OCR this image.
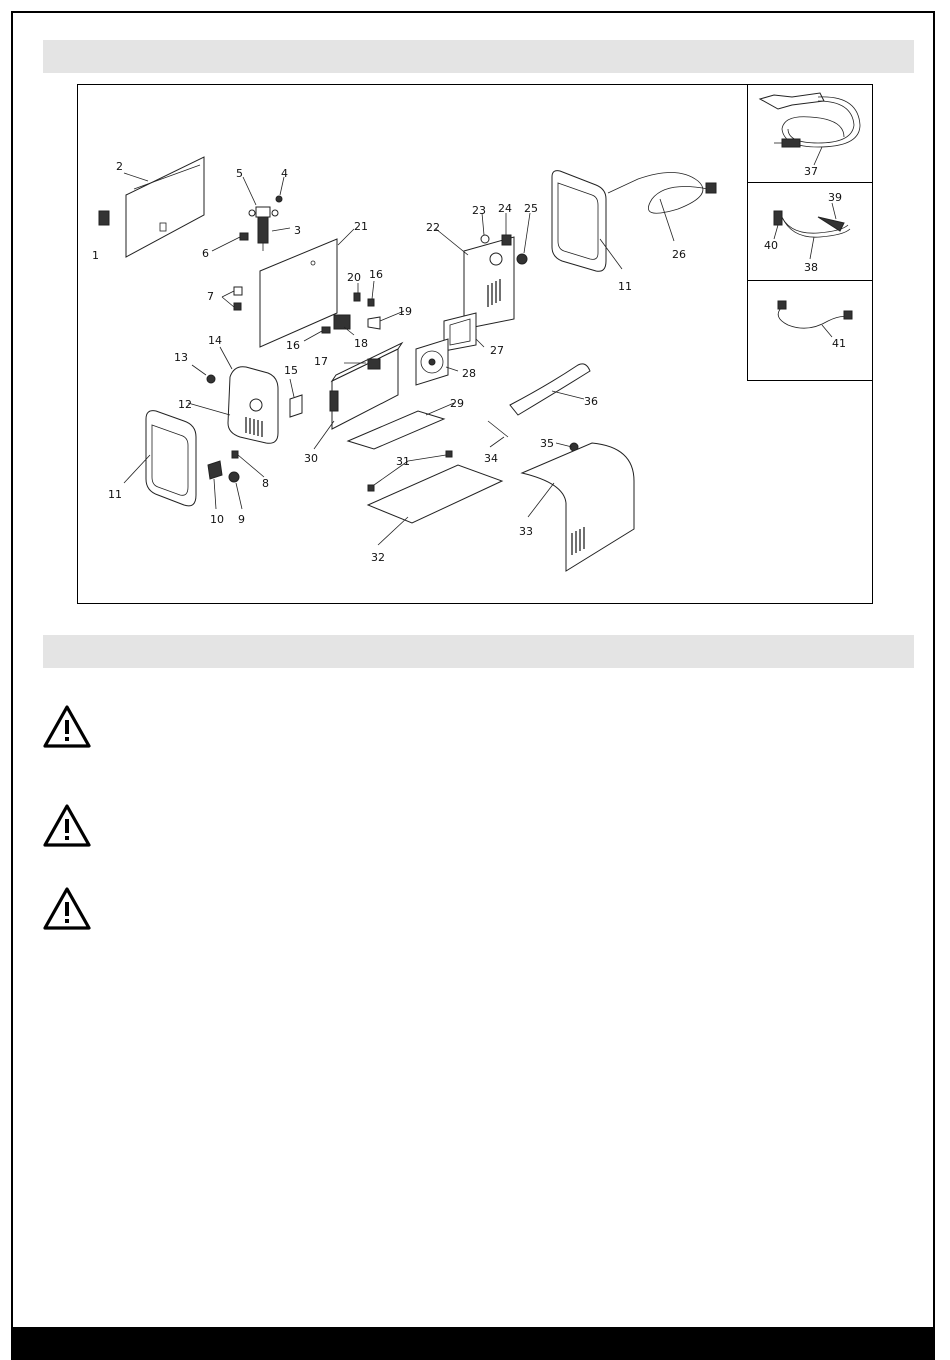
2
1
5	4
3
6
21
7
20 16
19
18
16
22
23 24 25
11
26
27
28
17
29
30
13
14
15
12
11
8
9
10
31
32
34
36
35
33
37
39
40
38
41
